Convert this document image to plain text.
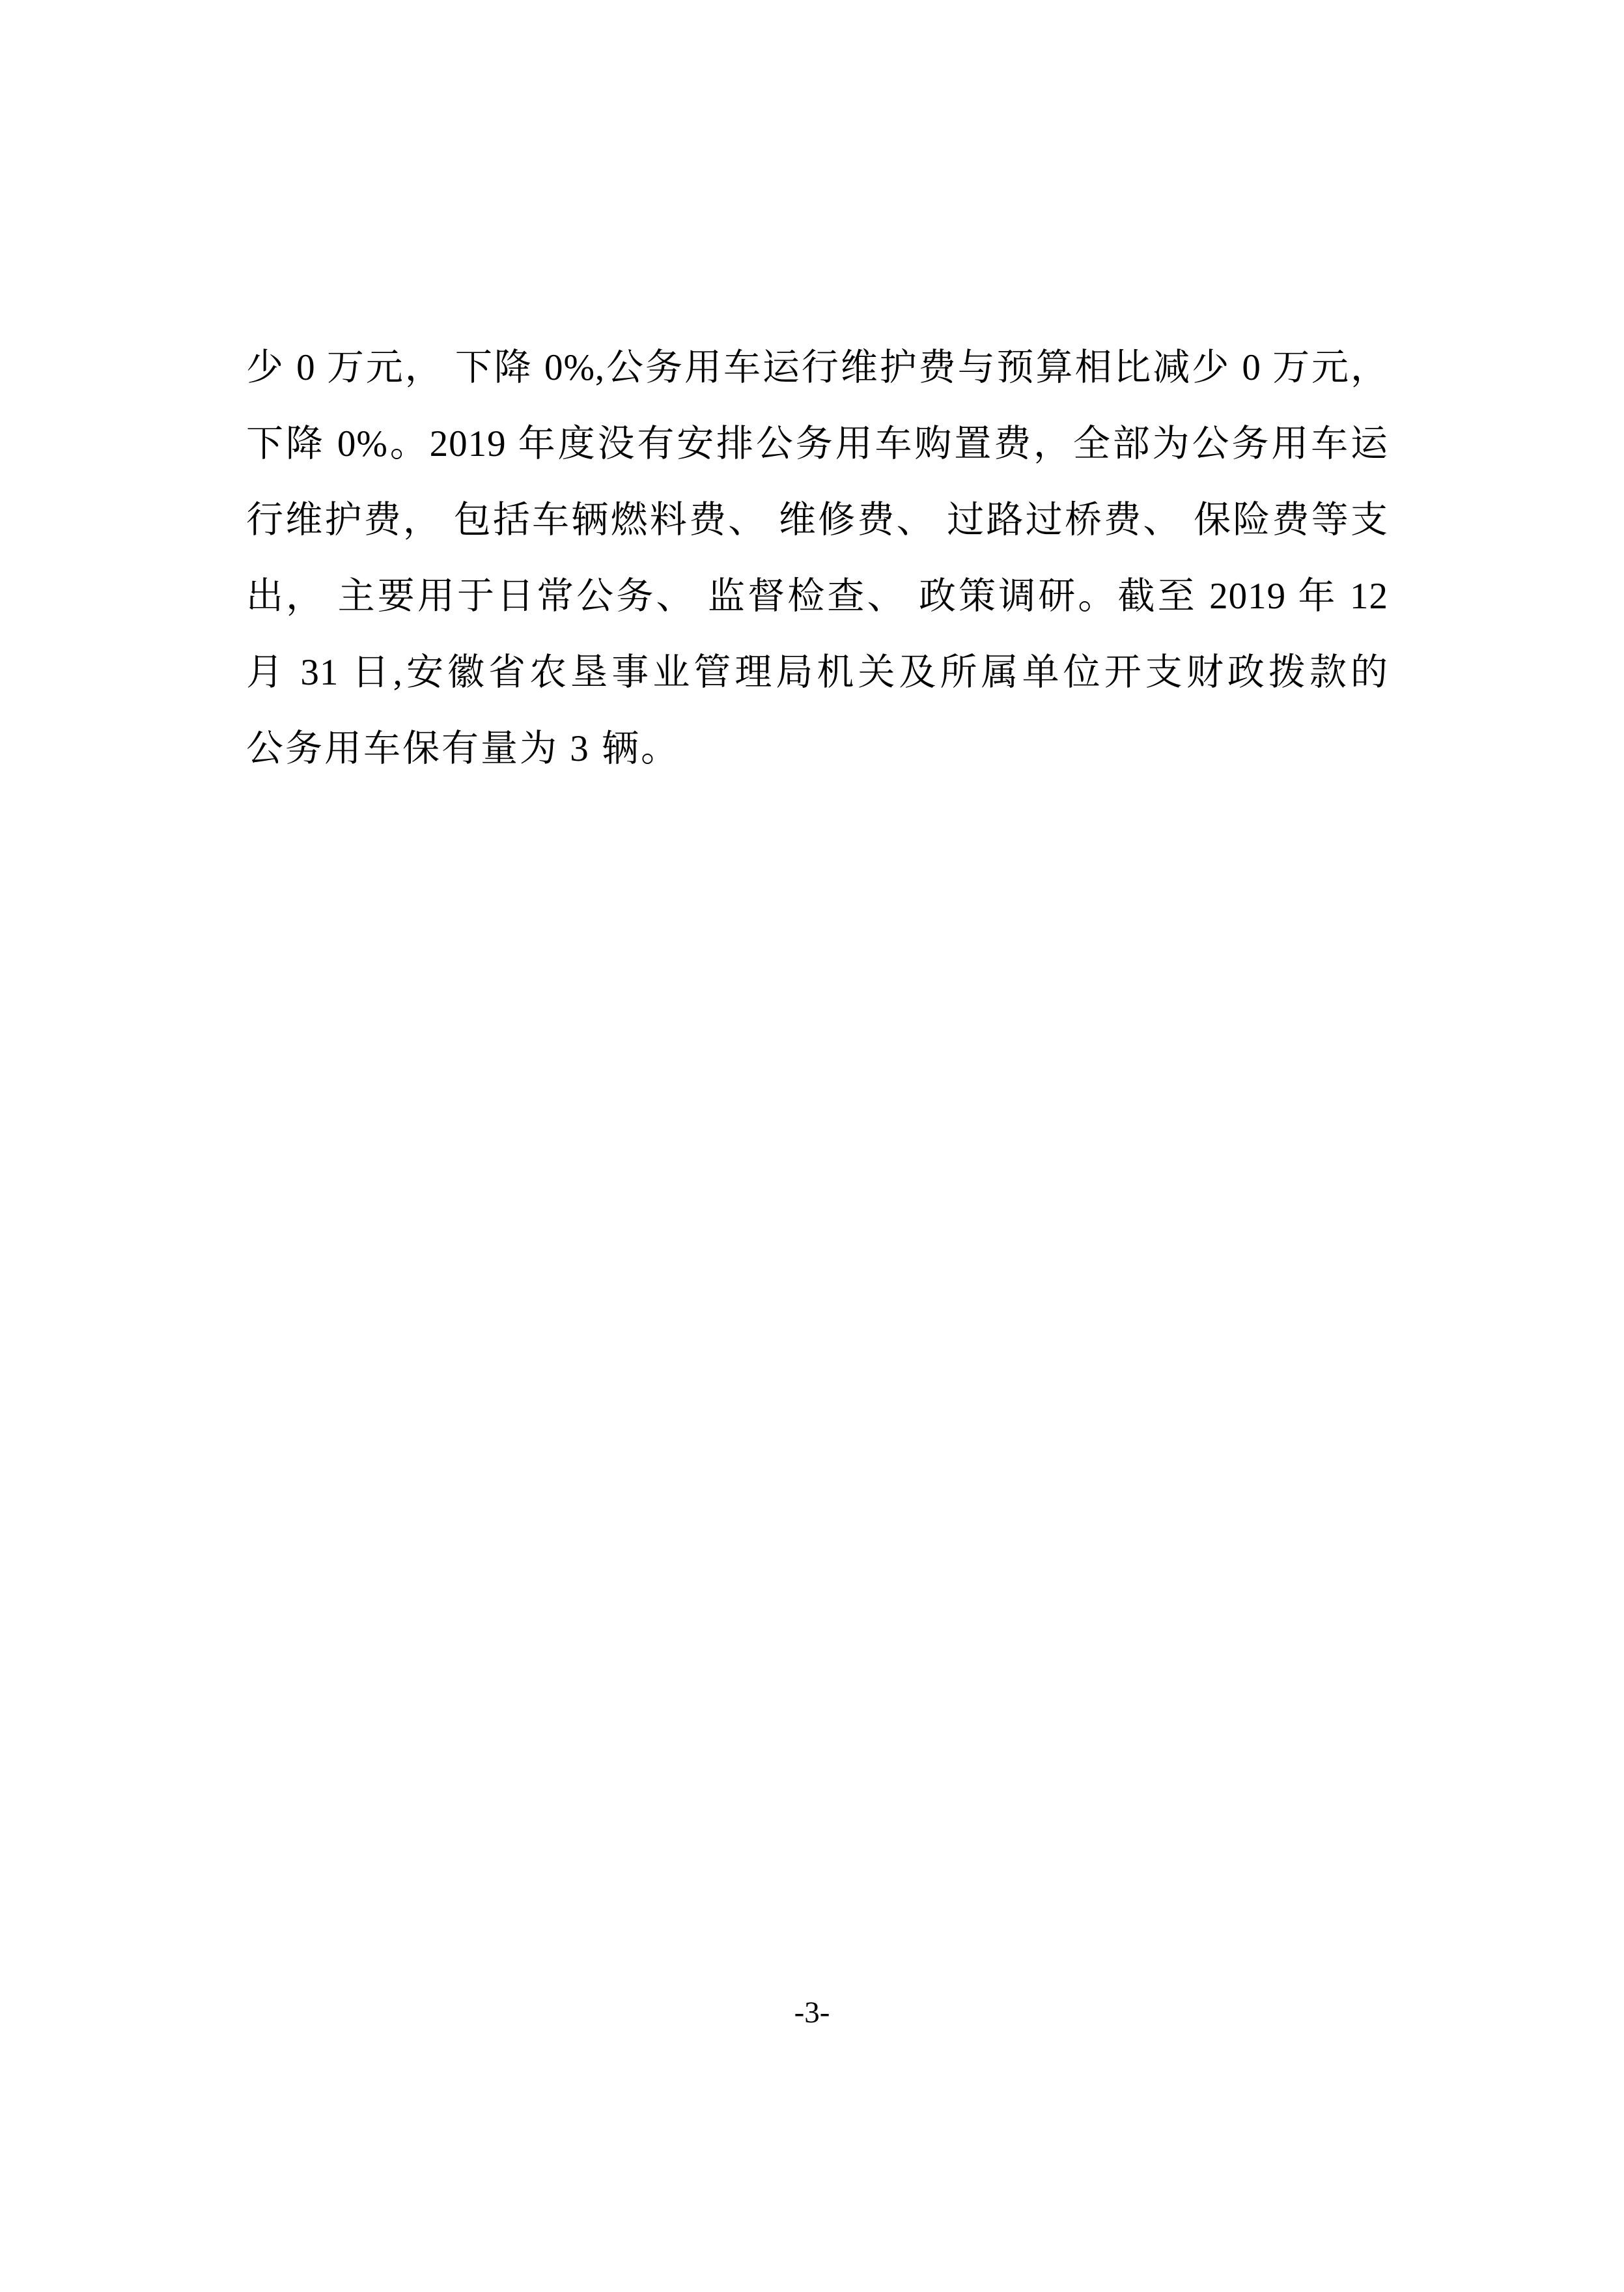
少 0 万元， 下降 0%,公务用车运行维护费与预算相比减少 0 万元，

下降 0%。2019 年度没有安排公务用车购置费，全部为公务用车运

行维护费， 包括车辆燃料费、 维修费、 过路过桥费、 保险费等支

出， 主要用于日常公务、 监督检查、 政策调研。截至 2019 年 12

月 31 日,安徽省农垦事业管理局机关及所属单位开支财政拨款的

公务用车保有量为 3 辆。

-3-
